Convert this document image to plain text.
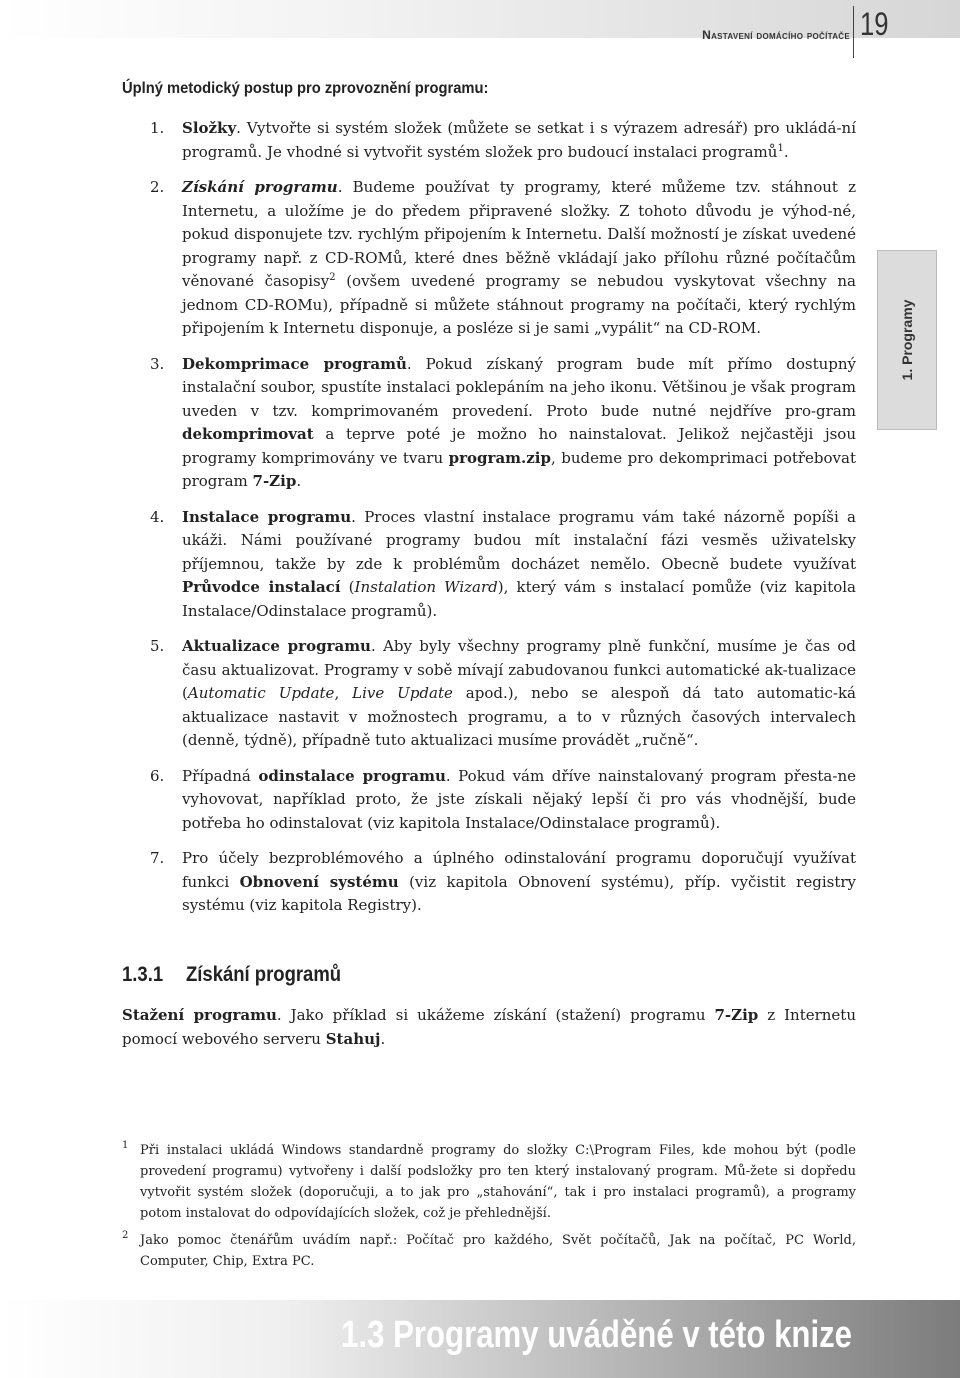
Nastavení domácího počítače 19
1. Programy
Úplný metodický postup pro zprovoznění programu:
1. Složky. Vytvořte si systém složek (můžete se setkat i s výrazem adresář) pro ukládá-ní programů. Je vhodné si vytvořit systém složek pro budoucí instalaci programů$^1$.
2. Získání programu. Budeme používat ty programy, které můžeme tzv. stáhnout z Internetu, a uložíme je do předem připravené složky. Z tohoto důvodu je výhod-né, pokud disponujete tzv. rychlým připojením k Internetu. Další možností je získat uvedené programy např. z CD-ROMů, které dnes běžně vkládají jako přílohu různé počítačům věnované časopisy$^2$ (ovšem uvedené programy se nebudou vyskytovat všechny na jednom CD-ROMu), případně si můžete stáhnout programy na počítači, který rychlým připojením k Internetu disponuje, a posléze si je sami „vypálit“ na CD-ROM.
3. Dekomprimace programů. Pokud získaný program bude mít přímo dostupný instalační soubor, spustíte instalaci poklepáním na jeho ikonu. Většinou je však program uveden v tzv. komprimovaném provedení. Proto bude nutné nejdříve pro-gram dekomprimovat a teprve poté je možno ho nainstalovat. Jelikož nejčastěji jsou programy komprimovány ve tvaru program.zip, budeme pro dekomprimaci potřebovat program 7-Zip.
4. Instalace programu. Proces vlastní instalace programu vám také názorně popíši a ukáži. Námi používané programy budou mít instalační fázi vesměs uživatelsky příjemnou, takže by zde k problémům docházet nemělo. Obecně budete využívat Průvodce instalací (Instalation Wizard), který vám s instalací pomůže (viz kapitola Instalace/Odinstalace programů).
5. Aktualizace programu. Aby byly všechny programy plně funkční, musíme je čas od času aktualizovat. Programy v sobě mívají zabudovanou funkci automatické ak-tualizace (Automatic Update, Live Update apod.), nebo se alespoň dá tato automatic-ká aktualizace nastavit v možnostech programu, a to v různých časových intervalech (denně, týdně), případně tuto aktualizaci musíme provádět „ručně“.
6. Případná odinstalace programu. Pokud vám dříve nainstalovaný program přesta-ne vyhovovat, například proto, že jste získali nějaký lepší či pro vás vhodnější, bude potřeba ho odinstalovat (viz kapitola Instalace/Odinstalace programů).
7. Pro účely bezproblémového a úplného odinstalování programu doporučují využívat funkci Obnovení systému (viz kapitola Obnovení systému), příp. vyčistit registry systému (viz kapitola Registry).
1.3.1 Získání programů

Stažení programu. Jako příklad si ukážeme získání (stažení) programu 7-Zip z Internetu pomocí webového serveru Stahuj.

1 Při instalaci ukládá Windows standardně programy do složky C:\Program Files, kde mohou být (podle provedení programu) vytvořeny i další podsložky pro ten který instalovaný program. Mů-žete si dopředu vytvořit systém složek (doporučuji, a to jak pro „stahování“, tak i pro instalaci programů), a programy potom instalovat do odpovídajících složek, což je přehlednější.
2 Jako pomoc čtenářům uvádím např.: Počítač pro každého, Svět počítačů, Jak na počítač, PC World, Computer, Chip, Extra PC.
1.3 Programy uváděné v této knize
